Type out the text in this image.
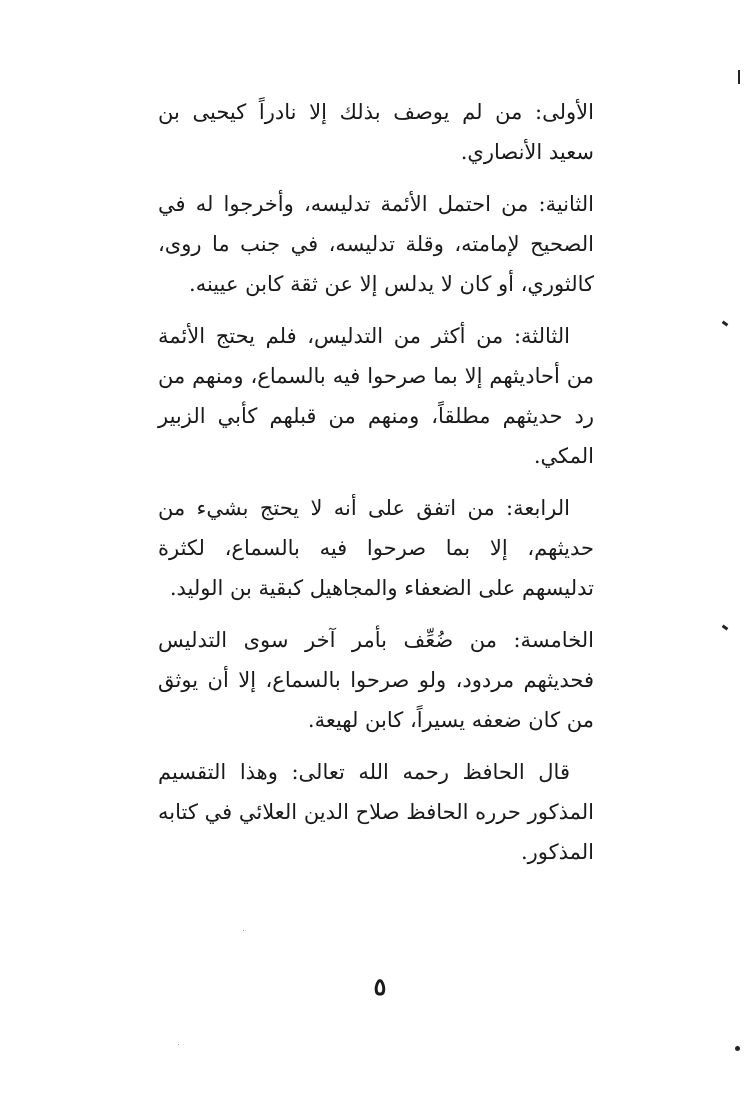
الأولى: من لم يوصف بذلك إلا نادراً كيحيى بن سعيد الأنصاري.

الثانية: من احتمل الأئمة تدليسه، وأخرجوا له في الصحيح لإمامته، وقلة تدليسه، في جنب ما روى، كالثوري، أو كان لا يدلس إلا عن ثقة كابن عيينه.

الثالثة: من أكثر من التدليس، فلم يحتج الأئمة من أحاديثهم إلا بما صرحوا فيه بالسماع، ومنهم من رد حديثهم مطلقاً، ومنهم من قبلهم كأبي الزبير المكي.

الرابعة: من اتفق على أنه لا يحتج بشيء من حديثهم، إلا بما صرحوا فيه بالسماع، لكثرة تدليسهم على الضعفاء والمجاهيل كبقية بن الوليد.

الخامسة: من ضُعِّف بأمر آخر سوى التدليس فحديثهم مردود، ولو صرحوا بالسماع، إلا أن يوثق من كان ضعفه يسيراً، كابن لهيعة.

قال الحافظ رحمه الله تعالى: وهذا التقسيم المذكور حرره الحافظ صلاح الدين العلائي في كتابه المذكور.

٥
